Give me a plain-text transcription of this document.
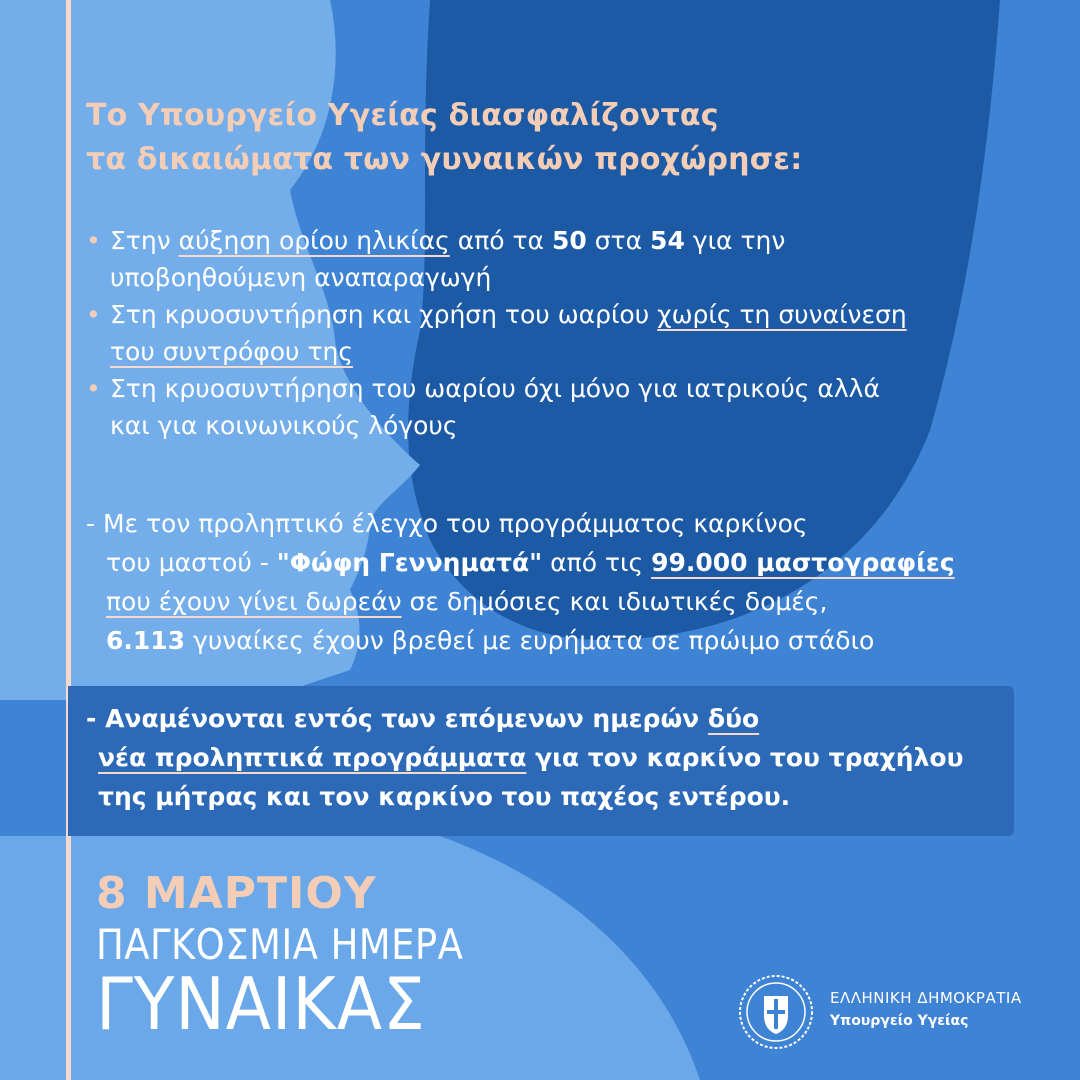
Το Υπουργείο Υγείας διασφαλίζοντας
τα δικαιώματα των γυναικών προχώρησε:
• Στην αύξηση ορίου ηλικίας από τα 50 στα 54 για την
υποβοηθούμενη αναπαραγωγή
• Στη κρυοσυντήρηση και χρήση του ωαρίου χωρίς τη συναίνεση
του συντρόφου της
• Στη κρυοσυντήρηση του ωαρίου όχι μόνο για ιατρικούς αλλά
και για κοινωνικούς λόγους

- Με τον προληπτικό έλεγχο του προγράμματος καρκίνος
του μαστού - "Φώφη Γεννηματά" από τις 99.000 μαστογραφίες
που έχουν γίνει δωρεάν σε δημόσιες και ιδιωτικές δομές,
6.113 γυναίκες έχουν βρεθεί με ευρήματα σε πρώιμο στάδιο

- Αναμένονται εντός των επόμενων ημερών δύο
νέα προληπτικά προγράμματα για τον καρκίνο του τραχήλου
της μήτρας και τον καρκίνο του παχέος εντέρου.

8 ΜΑΡΤΙΟΥ
ΠΑΓΚΟΣΜΙΑ ΗΜΕΡΑ
ΓΥΝΑΙΚΑΣ	ΕΛΛΗΝΙΚΗ ΔΗΜΟΚΡΑΤΙΑ
Υπουργείο Υγείας
